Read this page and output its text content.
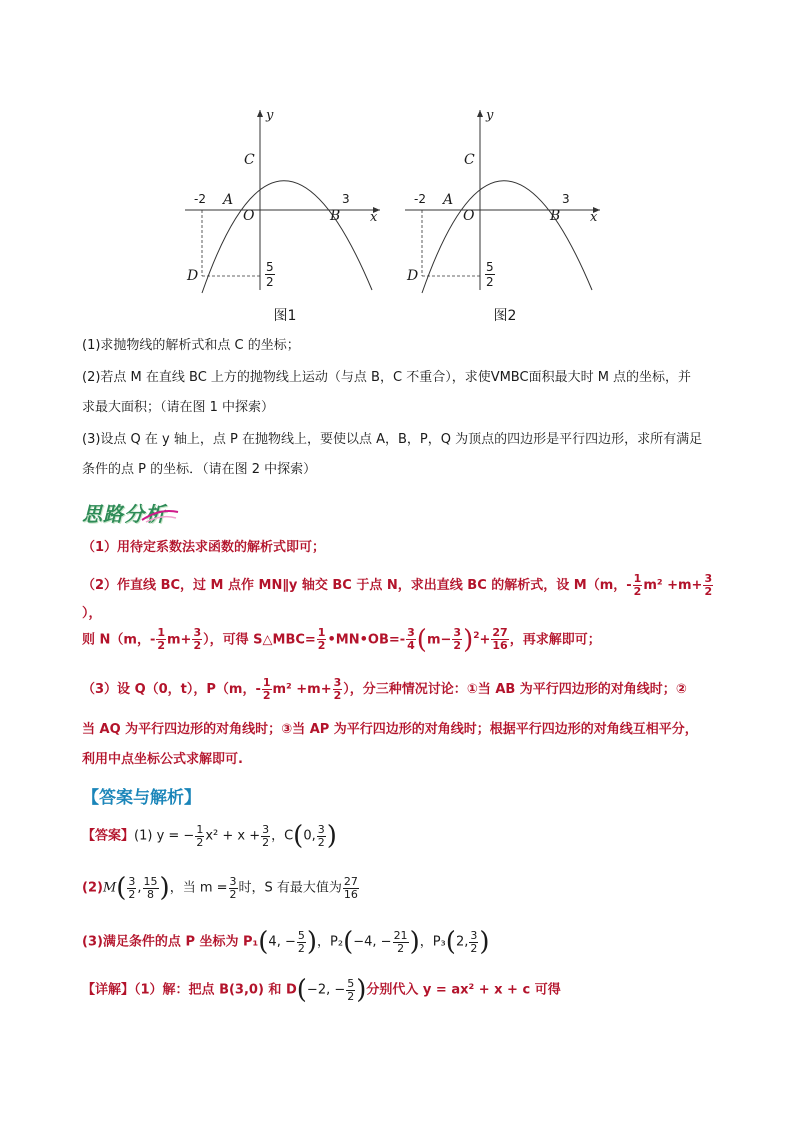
y
x
C
O
A
B
D
-2	3
$\frac{5}{2}$
图1
y
x
C
O
A
B
D
-2	3
$\frac{5}{2}$
图2
(1)求抛物线的解析式和点 C 的坐标；
(2)若点 M 在直线 BC 上方的抛物线上运动（与点 B，C 不重合），求使VMBC面积最大时 M 点的坐标，并
求最大面积；（请在图 1 中探索）
(3)设点 Q 在 y 轴上，点 P 在抛物线上，要使以点 A，B，P，Q 为顶点的四边形是平行四边形，求所有满足
条件的点 P 的坐标．（请在图 2 中探索）
思路分析
（1）用待定系数法求函数的解析式即可；
（2）作直线 BC，过 M 点作 MN∥y 轴交 BC 于点 N，求出直线 BC 的解析式，设 M（m，- $\frac{1}{2} m^2 +m+ \frac{3}{2}$
），
则 N（m，- $\frac{1}{2} m+ \frac{3}{2}$ ），可得 S△MBC= $\frac{1}{2}$ •MN•OB=- $\frac{3}{4} (m- \frac{3}{2} )^2+ \frac{27}{16}$ ，再求解即可；
（3）设 Q（0，t），P（m，- $\frac{1}{2} m^2 +m+ \frac{3}{2}$ ），分三种情况讨论：①当 AB 为平行四边形的对角线时；②
当 AQ 为平行四边形的对角线时；③当 AP 为平行四边形的对角线时；根据平行四边形的对角线互相平分，
利用中点坐标公式求解即可.
【答案与解析】
【答案】(1) y = − $\frac{1}{2} x^2 + x + \frac{3}{2}$ ，C(0, $\frac{3}{2}$ )
$(2)M( \frac{3}{2}$ , $\frac{15}{8}$ )，当 $m = \frac{3}{2}$ 时，S 有最大值为 $\frac{27}{16}$
(3)满足条件的点 P 坐标为 P₁(4, − $\frac{5}{2}$ )，P₂(−4, − $\frac{21}{2}$ )，P₃(2, $\frac{3}{2}$ )
【详解】（1）解：把点 B(3,0) 和 D(−2, − $\frac{5}{2}$ )分别代入 y = ax² + x + c 可得
